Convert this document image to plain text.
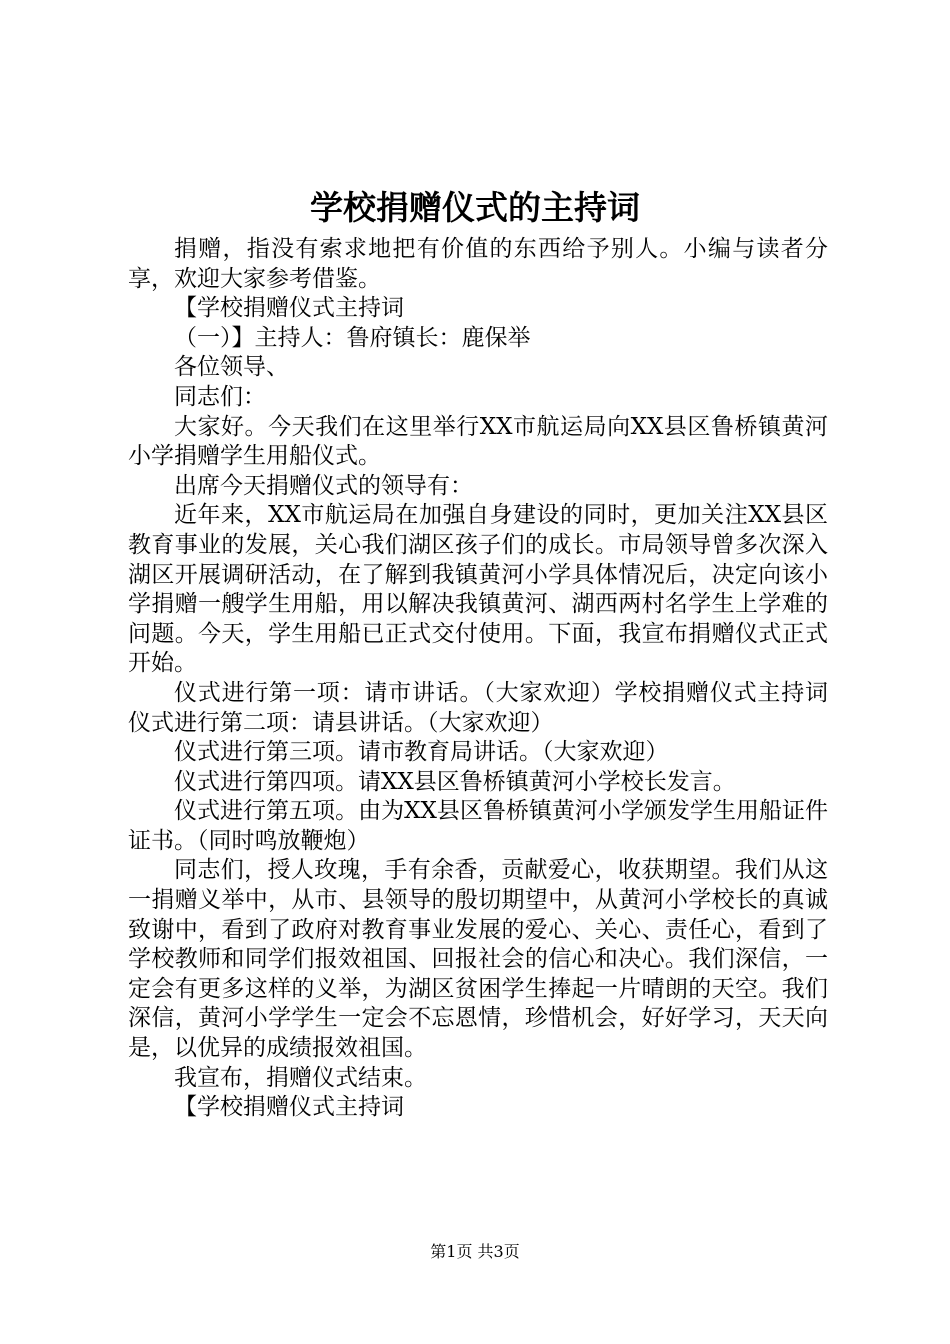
学校捐赠仪式的主持词

捐赠，指没有索求地把有价值的东西给予别人。小编与读者分享，欢迎大家参考借鉴。

【学校捐赠仪式主持词

（一）】主持人：鲁府镇长：鹿保举

各位领导、

同志们：

大家好。今天我们在这里举行XX市航运局向XX县区鲁桥镇黄河小学捐赠学生用船仪式。

出席今天捐赠仪式的领导有：

近年来，XX市航运局在加强自身建设的同时，更加关注XX县区教育事业的发展，关心我们湖区孩子们的成长。市局领导曾多次深入湖区开展调研活动，在了解到我镇黄河小学具体情况后，决定向该小学捐赠一艘学生用船，用以解决我镇黄河、湖西两村名学生上学难的问题。今天，学生用船已正式交付使用。下面，我宣布捐赠仪式正式开始。

仪式进行第一项：请市讲话。（大家欢迎）学校捐赠仪式主持词仪式进行第二项：请县讲话。（大家欢迎）

仪式进行第三项。请市教育局讲话。（大家欢迎）

仪式进行第四项。请XX县区鲁桥镇黄河小学校长发言。

仪式进行第五项。由为XX县区鲁桥镇黄河小学颁发学生用船证件证书。（同时鸣放鞭炮）

同志们，授人玫瑰，手有余香，贡献爱心，收获期望。我们从这一捐赠义举中，从市、县领导的殷切期望中，从黄河小学校长的真诚致谢中，看到了政府对教育事业发展的爱心、关心、责任心，看到了学校教师和同学们报效祖国、回报社会的信心和决心。我们深信，一定会有更多这样的义举，为湖区贫困学生捧起一片晴朗的天空。我们深信，黄河小学学生一定会不忘恩情，珍惜机会，好好学习，天天向是，以优异的成绩报效祖国。

我宣布，捐赠仪式结束。

【学校捐赠仪式主持词

第1页 共3页
